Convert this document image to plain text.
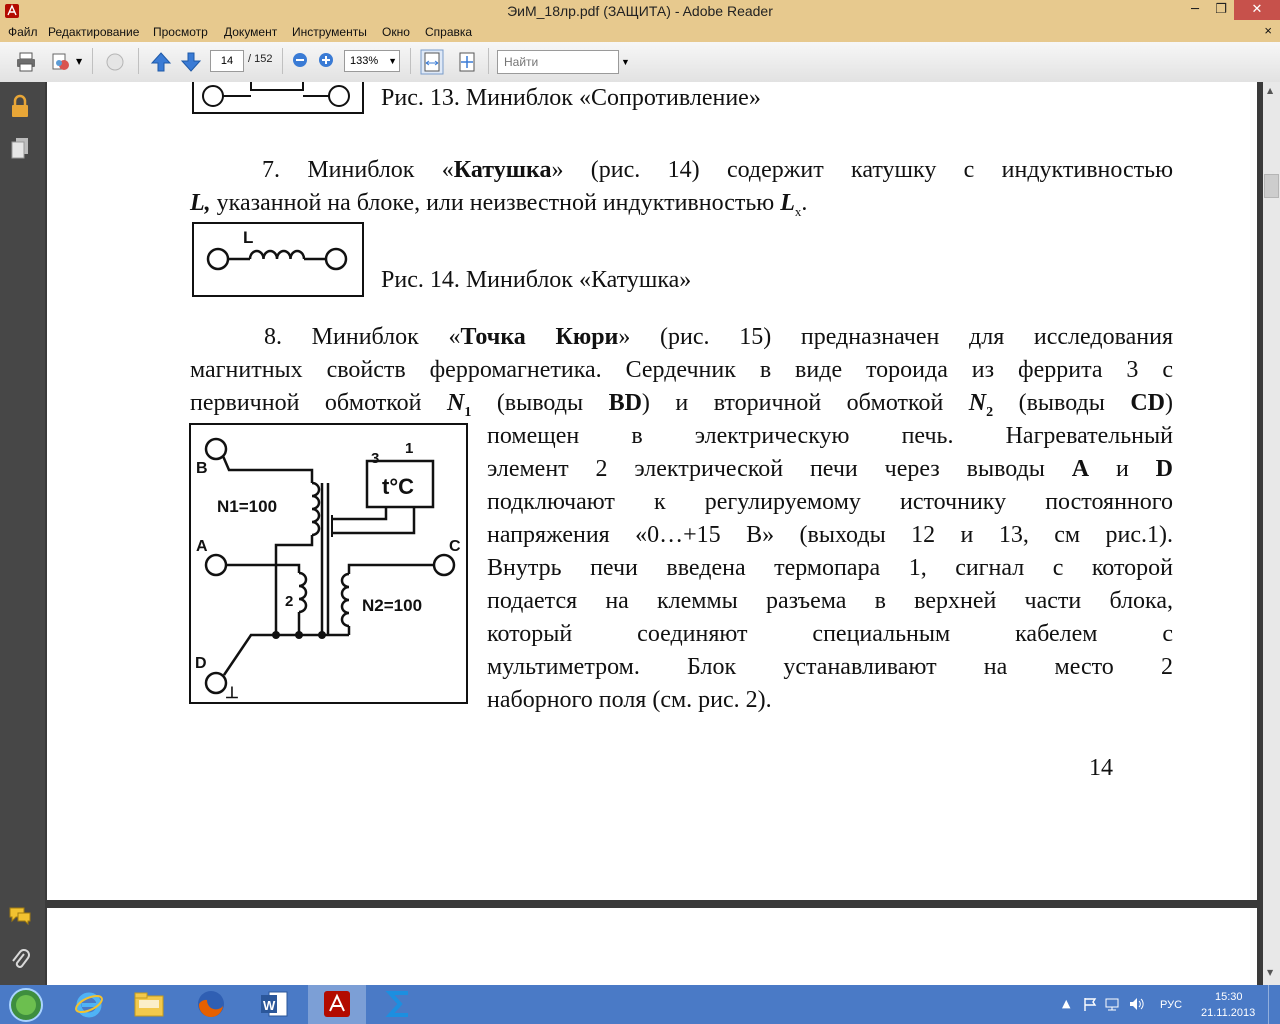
ЭиМ_18лр.pdf (ЗАЩИТА) - Adobe Reader	─	❐	✕
Файл Редактирование Просмотр Документ Инструменты Окно Справка	×
▼	14	/ 152	133% ▼
Найти	▼
Рис. 13. Миниблок «Сопротивление»
7. Миниблок «Катушка» (рис. 14) содержит катушку с индуктивностью
L, указанной на блоке, или неизвестной индуктивностью $L_x$.
L
Рис. 14. Миниблок «Катушка»
8. Миниблок «Точка Кюри» (рис. 15) предназначен для исследования
магнитных свойств ферромагнетика. Сердечник в виде тороида из феррита 3 с
первичной обмоткой $N_1$ (выводы BD) и вторичной обмоткой $N_2$ (выводы CD)
B
A	C
D
⊥
N1=100
N2=100
3
1
2
t°C
помещен в электрическую печь. Нагревательный
элемент 2 электрической печи через выводы A и D
подключают к регулируемому источнику постоянного
напряжения «0…+15 В» (выходы 12 и 13, см рис.1).
Внутрь печи введена термопара 1, сигнал с которой
подается на клеммы разъема в верхней части блока,
который соединяют специальным кабелем с
мультиметром. Блок устанавливают на место 2
наборного поля (см. рис. 2).
14
▲
▼
W	▲	РУС
15:30
21.11.2013
